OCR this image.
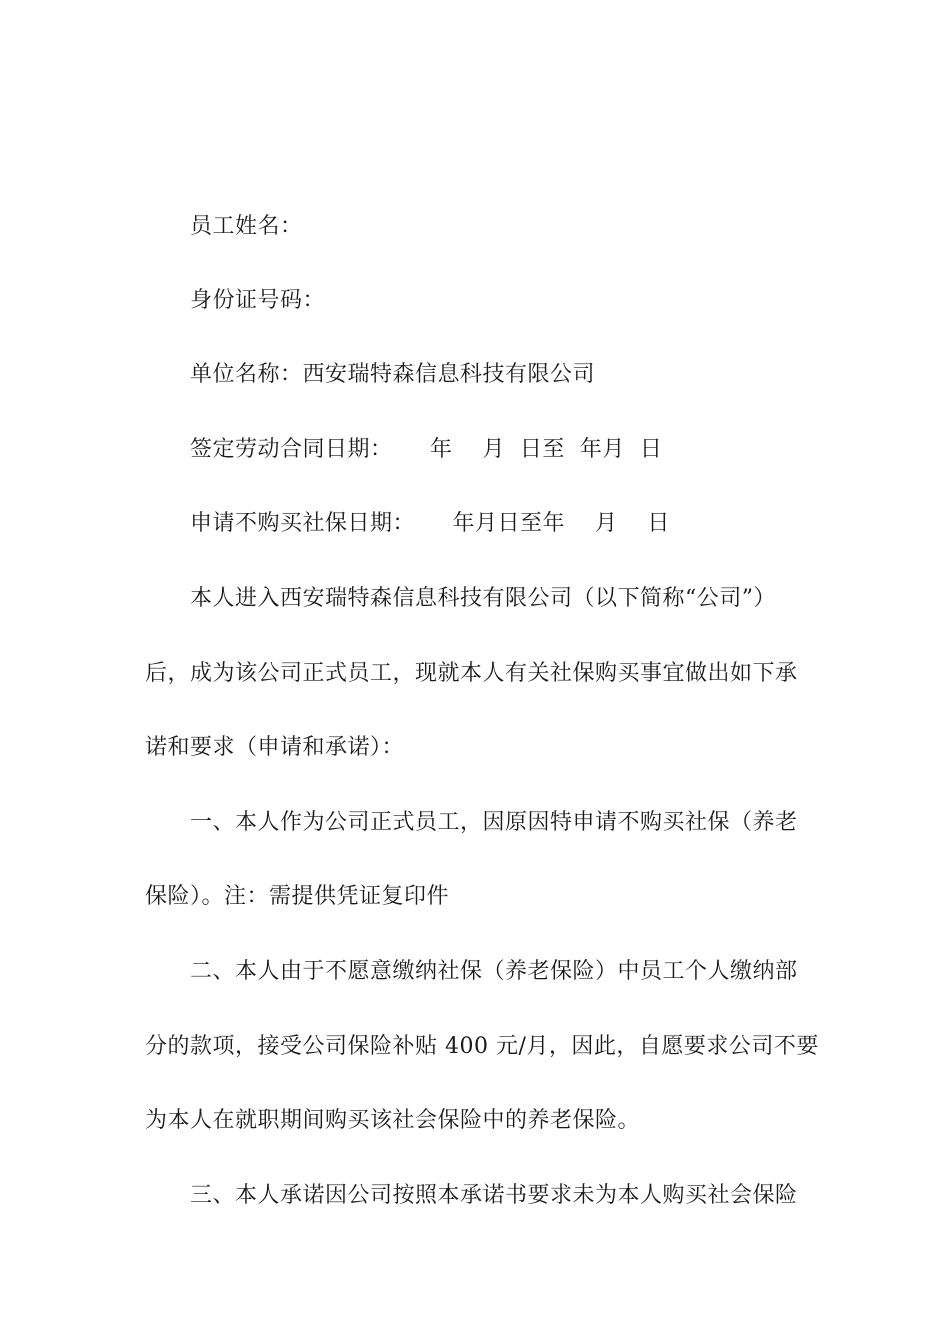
员工姓名：
身份证号码：
单位名称：西安瑞特森信息科技有限公司
签定劳动合同日期：     年    月  日至  年月  日
申请不购买社保日期：     年月日至年    月    日
本人进入西安瑞特森信息科技有限公司（以下简称“公司”）
后，成为该公司正式员工，现就本人有关社保购买事宜做出如下承
诺和要求（申请和承诺）：
一、本人作为公司正式员工，因原因特申请不购买社保（养老
保险）。注：需提供凭证复印件
二、本人由于不愿意缴纳社保（养老保险）中员工个人缴纳部
分的款项，接受公司保险补贴 400 元/月，因此，自愿要求公司不要
为本人在就职期间购买该社会保险中的养老保险。
三、本人承诺因公司按照本承诺书要求未为本人购买社会保险
